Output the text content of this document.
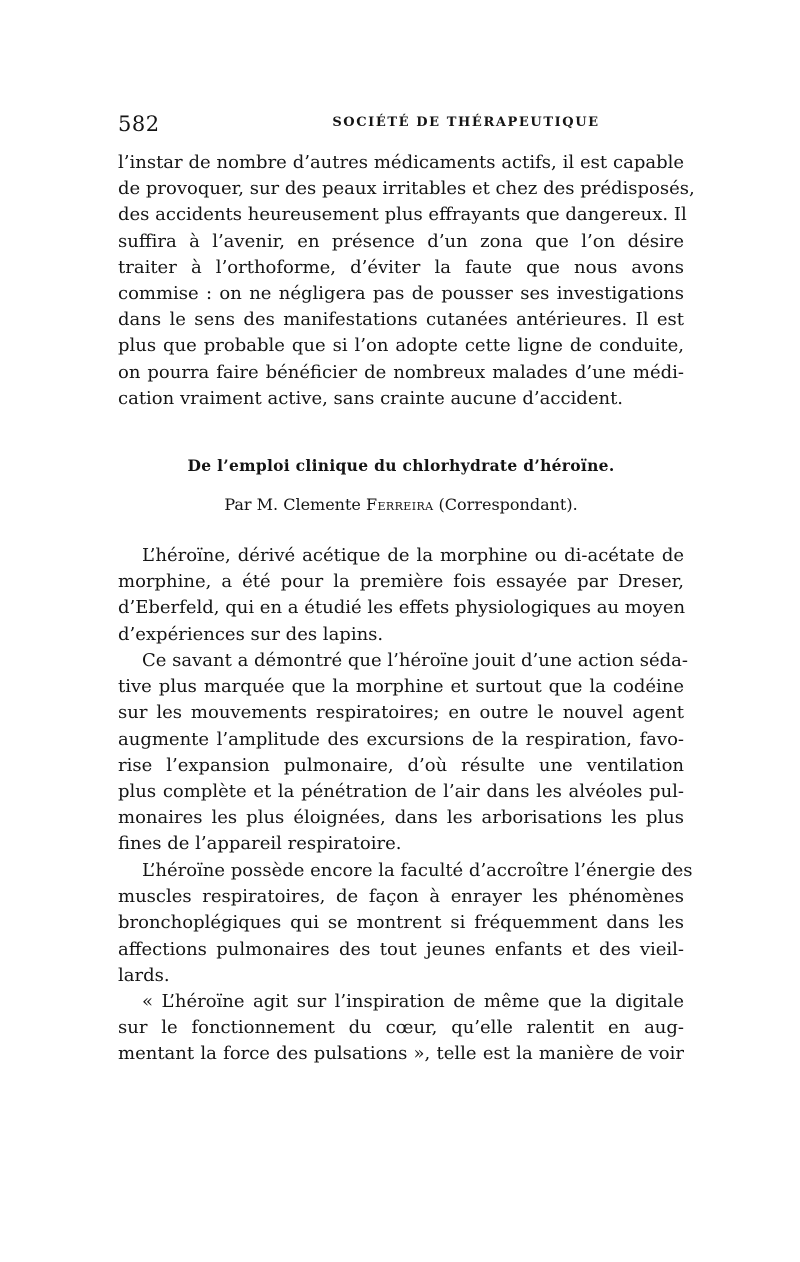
582	SOCIÉTÉ DE THÉRAPEUTIQUE
l’instar de nombre d’autres médicaments actifs, il est capable
de provoquer, sur des peaux irritables et chez des prédisposés,
des accidents heureusement plus effrayants que dangereux. Il
suffira à l’avenir, en présence d’un zona que l’on désire
traiter à l’orthoforme, d’éviter la faute que nous avons
commise : on ne négligera pas de pousser ses investigations
dans le sens des manifestations cutanées antérieures. Il est
plus que probable que si l’on adopte cette ligne de conduite,
on pourra faire bénéficier de nombreux malades d’une médi-
cation vraiment active, sans crainte aucune d’accident.
De l’emploi clinique du chlorhydrate d’héroïne.
Par M. Clemente Ferreira (Correspondant).
L’héroïne, dérivé acétique de la morphine ou di-acétate de
morphine, a été pour la première fois essayée par Dreser,
d’Eberfeld, qui en a étudié les effets physiologiques au moyen
d’expériences sur des lapins.
Ce savant a démontré que l’héroïne jouit d’une action séda-
tive plus marquée que la morphine et surtout que la codéine
sur les mouvements respiratoires; en outre le nouvel agent
augmente l’amplitude des excursions de la respiration, favo-
rise l’expansion pulmonaire, d’où résulte une ventilation
plus complète et la pénétration de l’air dans les alvéoles pul-
monaires les plus éloignées, dans les arborisations les plus
fines de l’appareil respiratoire.
L’héroïne possède encore la faculté d’accroître l’énergie des
muscles respiratoires, de façon à enrayer les phénomènes
bronchoplégiques qui se montrent si fréquemment dans les
affections pulmonaires des tout jeunes enfants et des vieil-
lards.
« L’héroïne agit sur l’inspiration de même que la digitale
sur le fonctionnement du cœur, qu’elle ralentit en aug-
mentant la force des pulsations », telle est la manière de voir
